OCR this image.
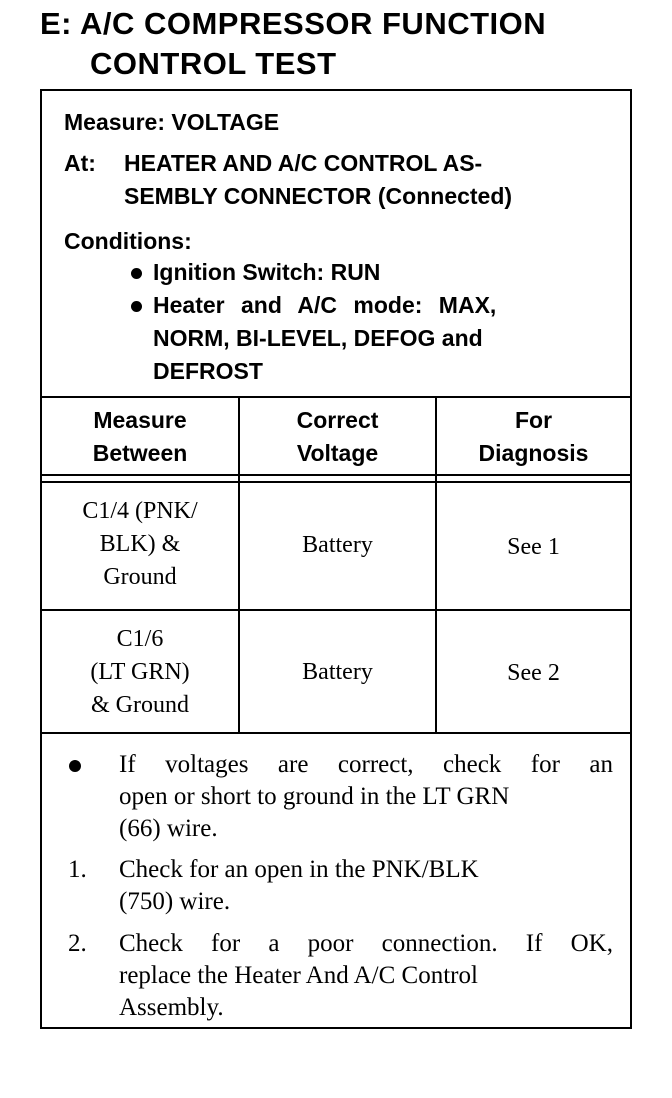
E: A/C COMPRESSOR FUNCTION
CONTROL TEST
Measure: VOLTAGE
At: HEATER AND A/C CONTROL AS-
SEMBLY CONNECTOR (Connected)
Conditions:
Ignition Switch: RUN
Heater and A/C mode: MAX,
NORM, BI-LEVEL, DEFOG and
DEFROST
Measure
Between
Correct
Voltage
For
Diagnosis
C1/4 (PNK/
BLK) &
Ground
Battery	See 1
C1/6
(LT GRN)
& Ground
Battery	See 2
If voltages are correct, check for an
open or short to ground in the LT GRN
(66) wire.
1. Check for an open in the PNK/BLK
(750) wire.
2. Check for a poor connection. If OK,
replace the Heater And A/C Control
Assembly.
